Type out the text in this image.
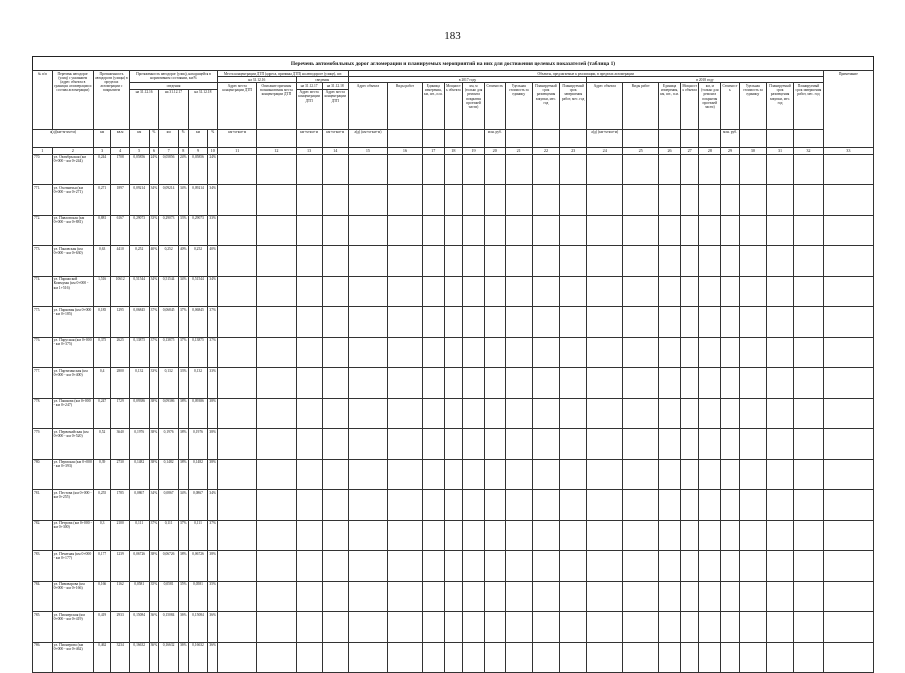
183
Перечень автомобильных дорог агломерации и планируемых мероприятий на них для достижения целевых показателей (таблица 1)
№ п/п	Перечень автодорог (улиц) с указанием (адрес объекта в границах агломерации и состава агломерации)	Протяженность автодороги (улицы) в пределах агломерации с покрытием		Протяженность автодорог (улиц), находящейся в нормативном состоянии, км/%						Места концентрации ДТП (адреса, причины ДТП) на автодороге (улице), шт.				Объекты, предлагаемые к реализации, в пределах агломерации																		Примечание
										на 31.12.16		сведения		в 2017 году									в 2018 году									
				сведения						Адрес места концентрации ДТП	Описание причины возникновения места концентрации ДТП	на 31.12.17	на 31.12.18	Адрес объекта	Виды работ	Единица измерения, км, шт., п.м.	Мощность объекта	км, м (только для ремонта покрытия проезжей части)	Стоимость	Удельная стоимость за единицу	Планируемый срок размещения закупки, мес. год	Планируемый срок завершения работ, мес. год	Адрес объекта	Виды работ	Единица измерения, км, шт., п.м.	Мощность объекта	км, м (только для ремонта покрытия проезжей части)	Стоимость	Удельная стоимость за единицу	Планируемый срок размещения закупки, мес. год	Планируемый срок завершения работ, мес. год	
				на 31.12.16		на 31.12.17		на 31.12.18				Адрес места концентрации ДТП	Адрес места концентрации ДТП																			
а(д)(км+м-км+м)		км	кв.м	км	%	км	%	км	%	км+м-км+м		км+м-км+м	км+м-км+м	а(д) (км+м-км+м)					млн. руб.				а(д) (км+м-км+м)					млн. руб.				
1	2	3	4	5	6	7	8	9	10	11	12	13	14	15	16	17	18	19	20	21	22	23	24	25	26	27	28	29	30	31	32	33
770.	ул. Октябрьская (км 0+000 - км 0+244)	0,244	1708	0,05856	24%	0,05856	24%	0,05856	24%																							
771.	ул. Охотничья (км 0+000 - км 0+271)	0,271	1897	0,09214	34%	0,09214	34%	0,09214	34%																							
772.	ул. Павловская (км 0+000 - км 0+881)	0,881	6167	0,29073	33%	0,29073	33%	0,29073	33%																							
773.	ул. Пановская (км 0+000 - км 0+630)	0,63	4410	0,252	40%	0,252	40%	0,252	40%																							
774.	ул. Парижской Коммуны (км 0+000 - км 1+516)	1,516	10612	0,51544	34%	0,51544	34%	0,51544	34%																							
775.	ул. Парковая (км 0+000 - км 0+185)	0,185	1295	0,06845	37%	0,06845	37%	0,06845	37%																							
776.	ул. Парусная (км 0+000 - км 0+375)	0,375	2625	0,13875	37%	0,13875	37%	0,13875	37%																							
777.	ул. Партизанская (км 0+000 - км 0+400)	0,4	2800	0,132	33%	0,132	33%	0,132	33%																							
778.	ул. Пашкова (км 0+000 - км 0+247)	0,247	1729	0,09386	38%	0,09386	38%	0,09386	38%																							
779.	ул. Первомайская (км 0+000 - км 0+520)	0,52	3640	0,1976	38%	0,1976	38%	0,1976	38%																							
780.	ул. Пермская (км 0+000 - км 0+393)	0,39	2730	0,1482	38%	0,1482	38%	0,1482	38%																							
781.	ул. Пестова (км 0+000 - км 0+255)	0,255	1785	0,0867	34%	0,0867	34%	0,0867	34%																							
782.	ул. Петрова (км 0+000 - км 0+300)	0,3	2100	0,111	37%	0,111	37%	0,111	37%																							
783.	ул. Печатная (км 0+000 - км 0+177)	0,177	1239	0,06726	38%	0,06726	38%	0,06726	38%																							
784.	ул. Пивоварова (км 0+000 - км 0+166)	0,166	1162	0,0581	35%	0,0581	35%	0,0581	35%																							
785.	ул. Пионерская (км 0+000 - км 0+419)	0,419	2933	0,15084	36%	0,15084	36%	0,15084	36%																							
786.	ул. Пионерова (км 0+000 - км 0+462)	0,462	3234	0,16632	36%	0,16632	36%	0,16632	36%																							
